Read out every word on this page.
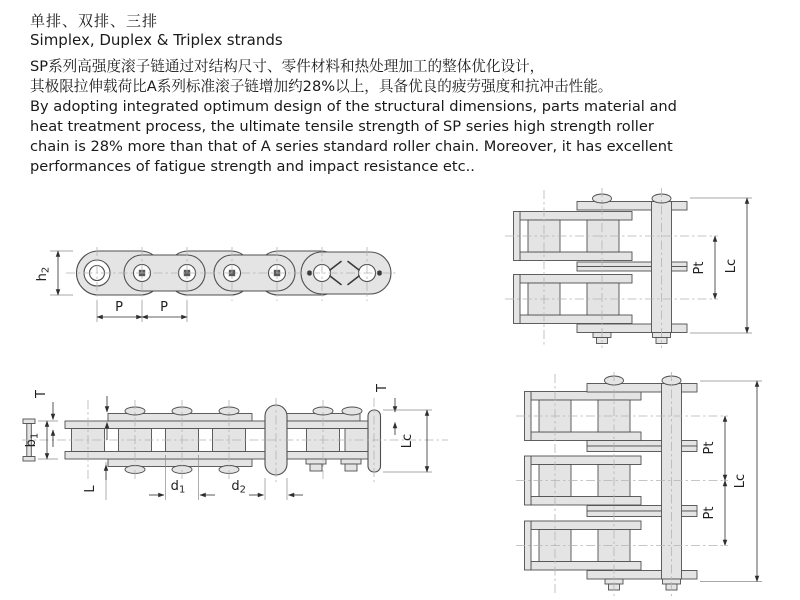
单排、双排、三排
Simplex, Duplex & Triplex strands
SP系列高强度滚子链通过对结构尺寸、零件材料和热处理加工的整体优化设计，
其极限拉伸载荷比A系列标准滚子链增加约28%以上，具备优良的疲劳强度和抗冲击性能。
By adopting integrated optimum design of the structural dimensions, parts material and
heat treatment process, the ultimate tensile strength of SP series high strength roller
chain is 28% more than that of A series standard roller chain. Moreover, it has excellent
performances of fatigue strength and impact resistance etc..
h2
P	P
Pt Lc
T
b1
L	d1	d2
T
Lc	Pt
Pt
Lc
